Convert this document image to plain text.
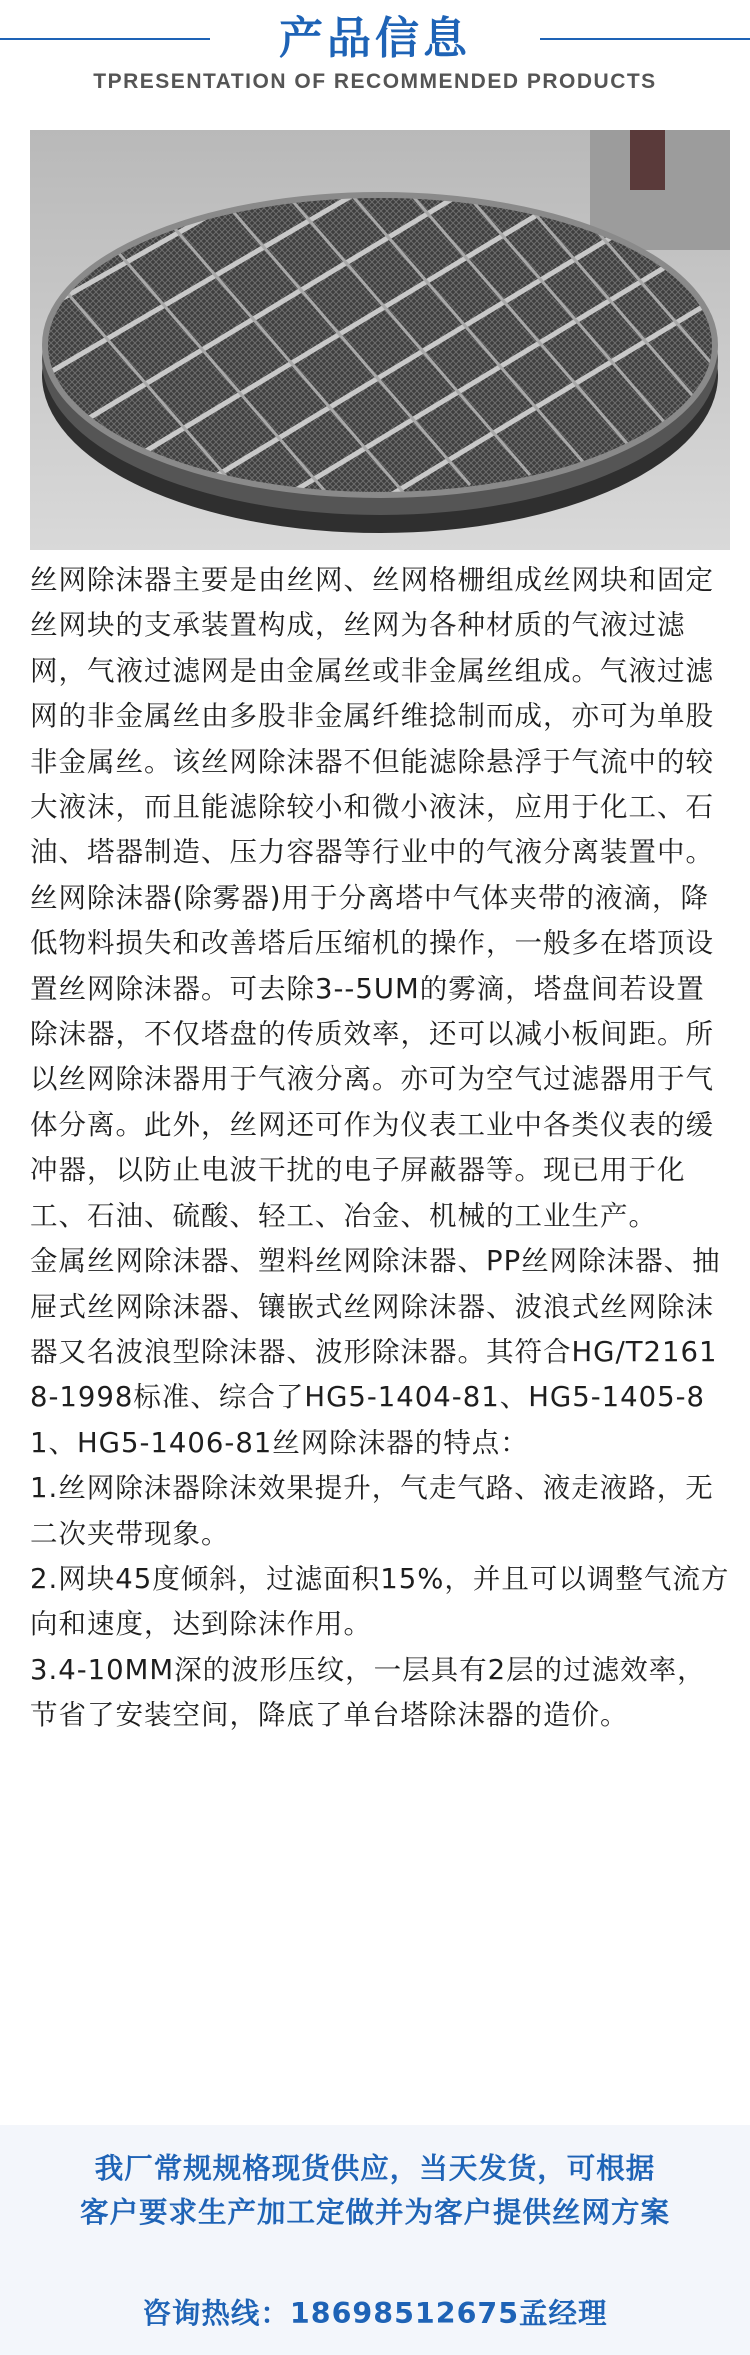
产品信息
TPRESENTATION OF RECOMMENDED PRODUCTS

丝网除沫器主要是由丝网、丝网格栅组成丝网块和固定丝网块的支承装置构成，丝网为各种材质的气液过滤网，气液过滤网是由金属丝或非金属丝组成。气液过滤网的非金属丝由多股非金属纤维捻制而成，亦可为单股非金属丝。该丝网除沫器不但能滤除悬浮于气流中的较大液沫，而且能滤除较小和微小液沫，应用于化工、石油、塔器制造、压力容器等行业中的气液分离装置中。

丝网除沫器(除雾器)用于分离塔中气体夹带的液滴，降低物料损失和改善塔后压缩机的操作，一般多在塔顶设置丝网除沫器。可去除3--5UM的雾滴，塔盘间若设置除沫器，不仅塔盘的传质效率，还可以减小板间距。所以丝网除沫器用于气液分离。亦可为空气过滤器用于气体分离。此外，丝网还可作为仪表工业中各类仪表的缓冲器，以防止电波干扰的电子屏蔽器等。现已用于化工、石油、硫酸、轻工、冶金、机械的工业生产。

金属丝网除沫器、塑料丝网除沫器、PP丝网除沫器、抽屉式丝网除沫器、镶嵌式丝网除沫器、波浪式丝网除沫器又名波浪型除沫器、波形除沫器。其符合HG/T21618-1998标准、综合了HG5-1404-81、HG5-1405-81、HG5-1406-81丝网除沫器的特点：

1.丝网除沫器除沫效果提升，气走气路、液走液路，无二次夹带现象。

2.网块45度倾斜，过滤面积15%，并且可以调整气流方向和速度，达到除沫作用。

3.4-10MM深的波形压纹，一层具有2层的过滤效率，节省了安装空间，降底了单台塔除沫器的造价。

我厂常规规格现货供应，当天发货，可根据
客户要求生产加工定做并为客户提供丝网方案
咨询热线：18698512675孟经理
